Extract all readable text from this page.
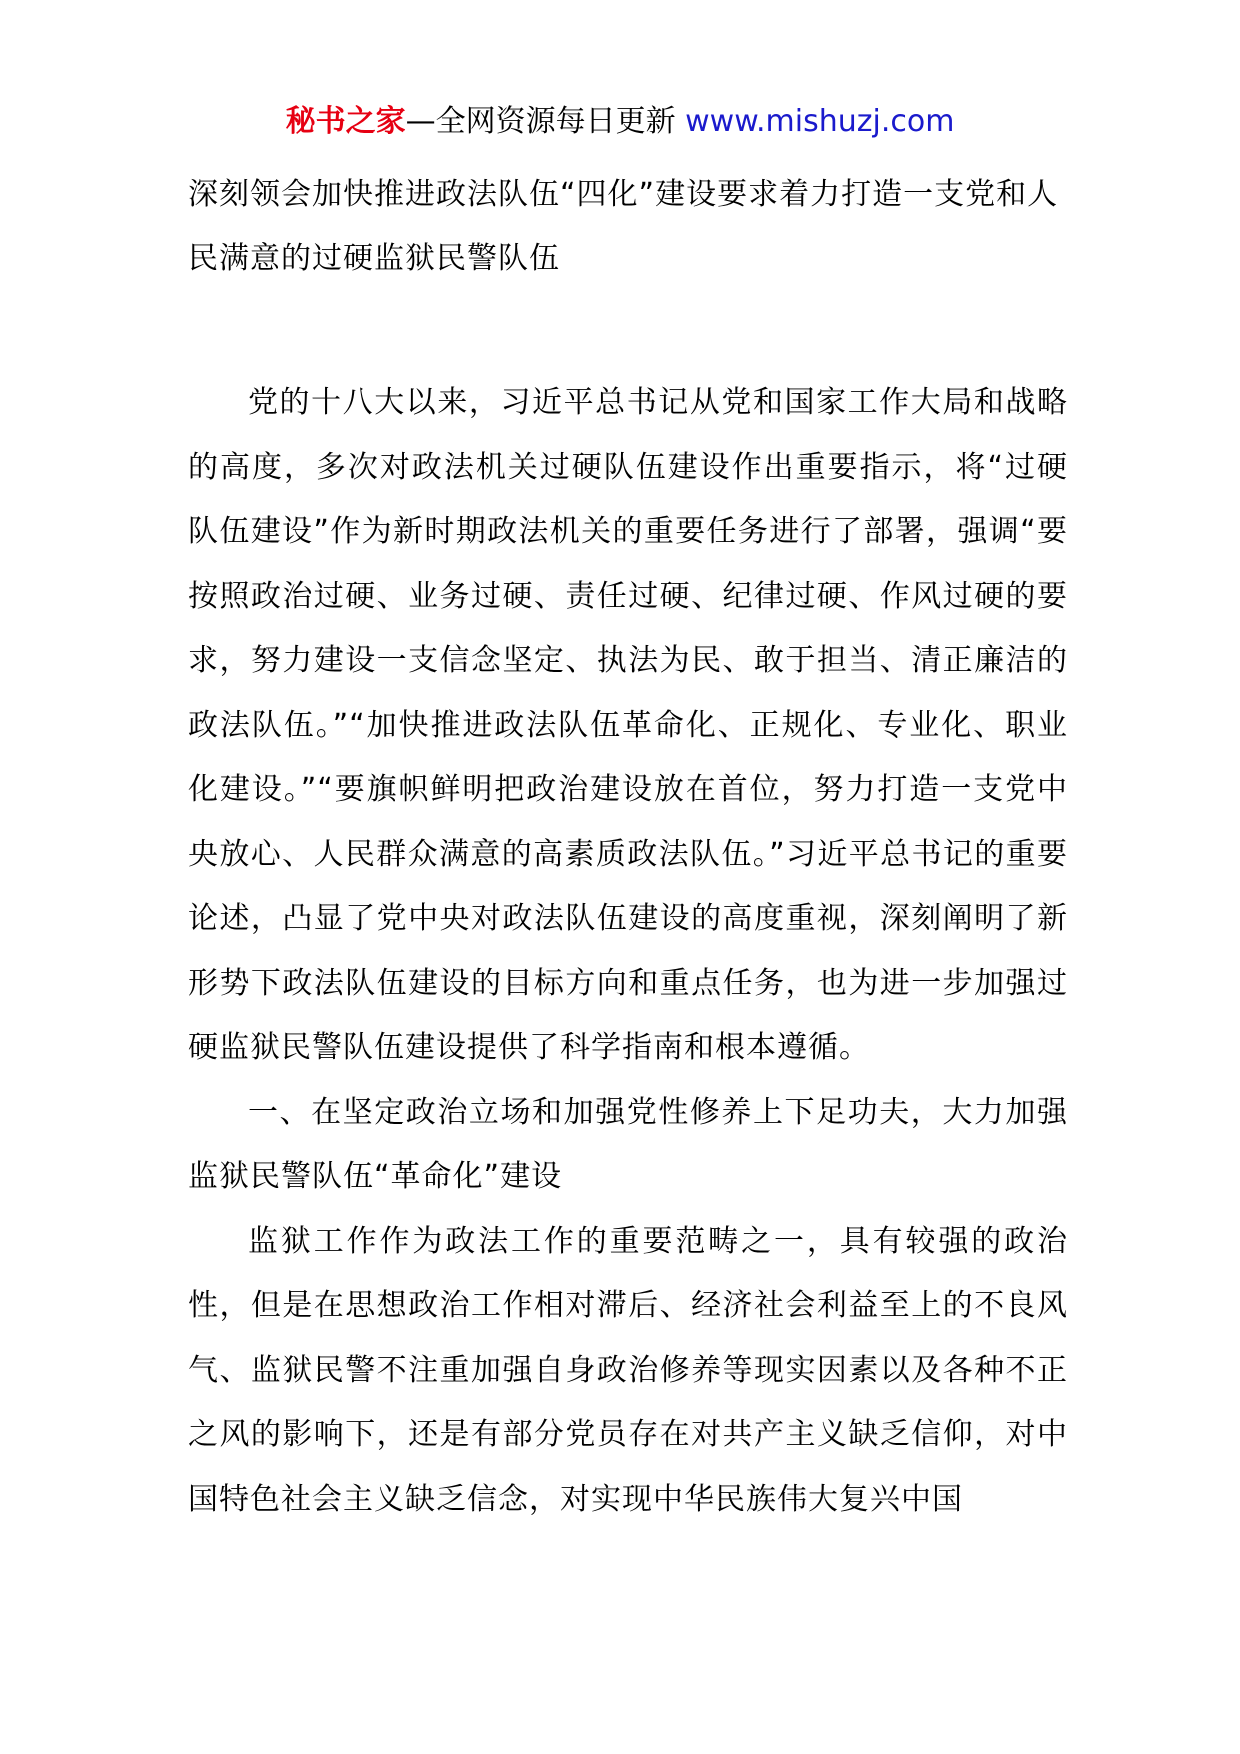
秘书之家—全网资源每日更新 www.mishuzj.com
深刻领会加快推进政法队伍“四化”建设要求着力打造一支党和人民满意的过硬监狱民警队伍

党的十八大以来，习近平总书记从党和国家工作大局和战略的高度，多次对政法机关过硬队伍建设作出重要指示，将“过硬队伍建设”作为新时期政法机关的重要任务进行了部署，强调“要按照政治过硬、业务过硬、责任过硬、纪律过硬、作风过硬的要求，努力建设一支信念坚定、执法为民、敢于担当、清正廉洁的政法队伍。”“加快推进政法队伍革命化、正规化、专业化、职业化建设。”“要旗帜鲜明把政治建设放在首位，努力打造一支党中央放心、人民群众满意的高素质政法队伍。”习近平总书记的重要论述，凸显了党中央对政法队伍建设的高度重视，深刻阐明了新形势下政法队伍建设的目标方向和重点任务，也为进一步加强过硬监狱民警队伍建设提供了科学指南和根本遵循。

一、在坚定政治立场和加强党性修养上下足功夫，大力加强监狱民警队伍“革命化”建设

监狱工作作为政法工作的重要范畴之一，具有较强的政治性，但是在思想政治工作相对滞后、经济社会利益至上的不良风气、监狱民警不注重加强自身政治修养等现实因素以及各种不正之风的影响下，还是有部分党员存在对共产主义缺乏信仰，对中国特色社会主义缺乏信念，对实现中华民族伟大复兴中国
